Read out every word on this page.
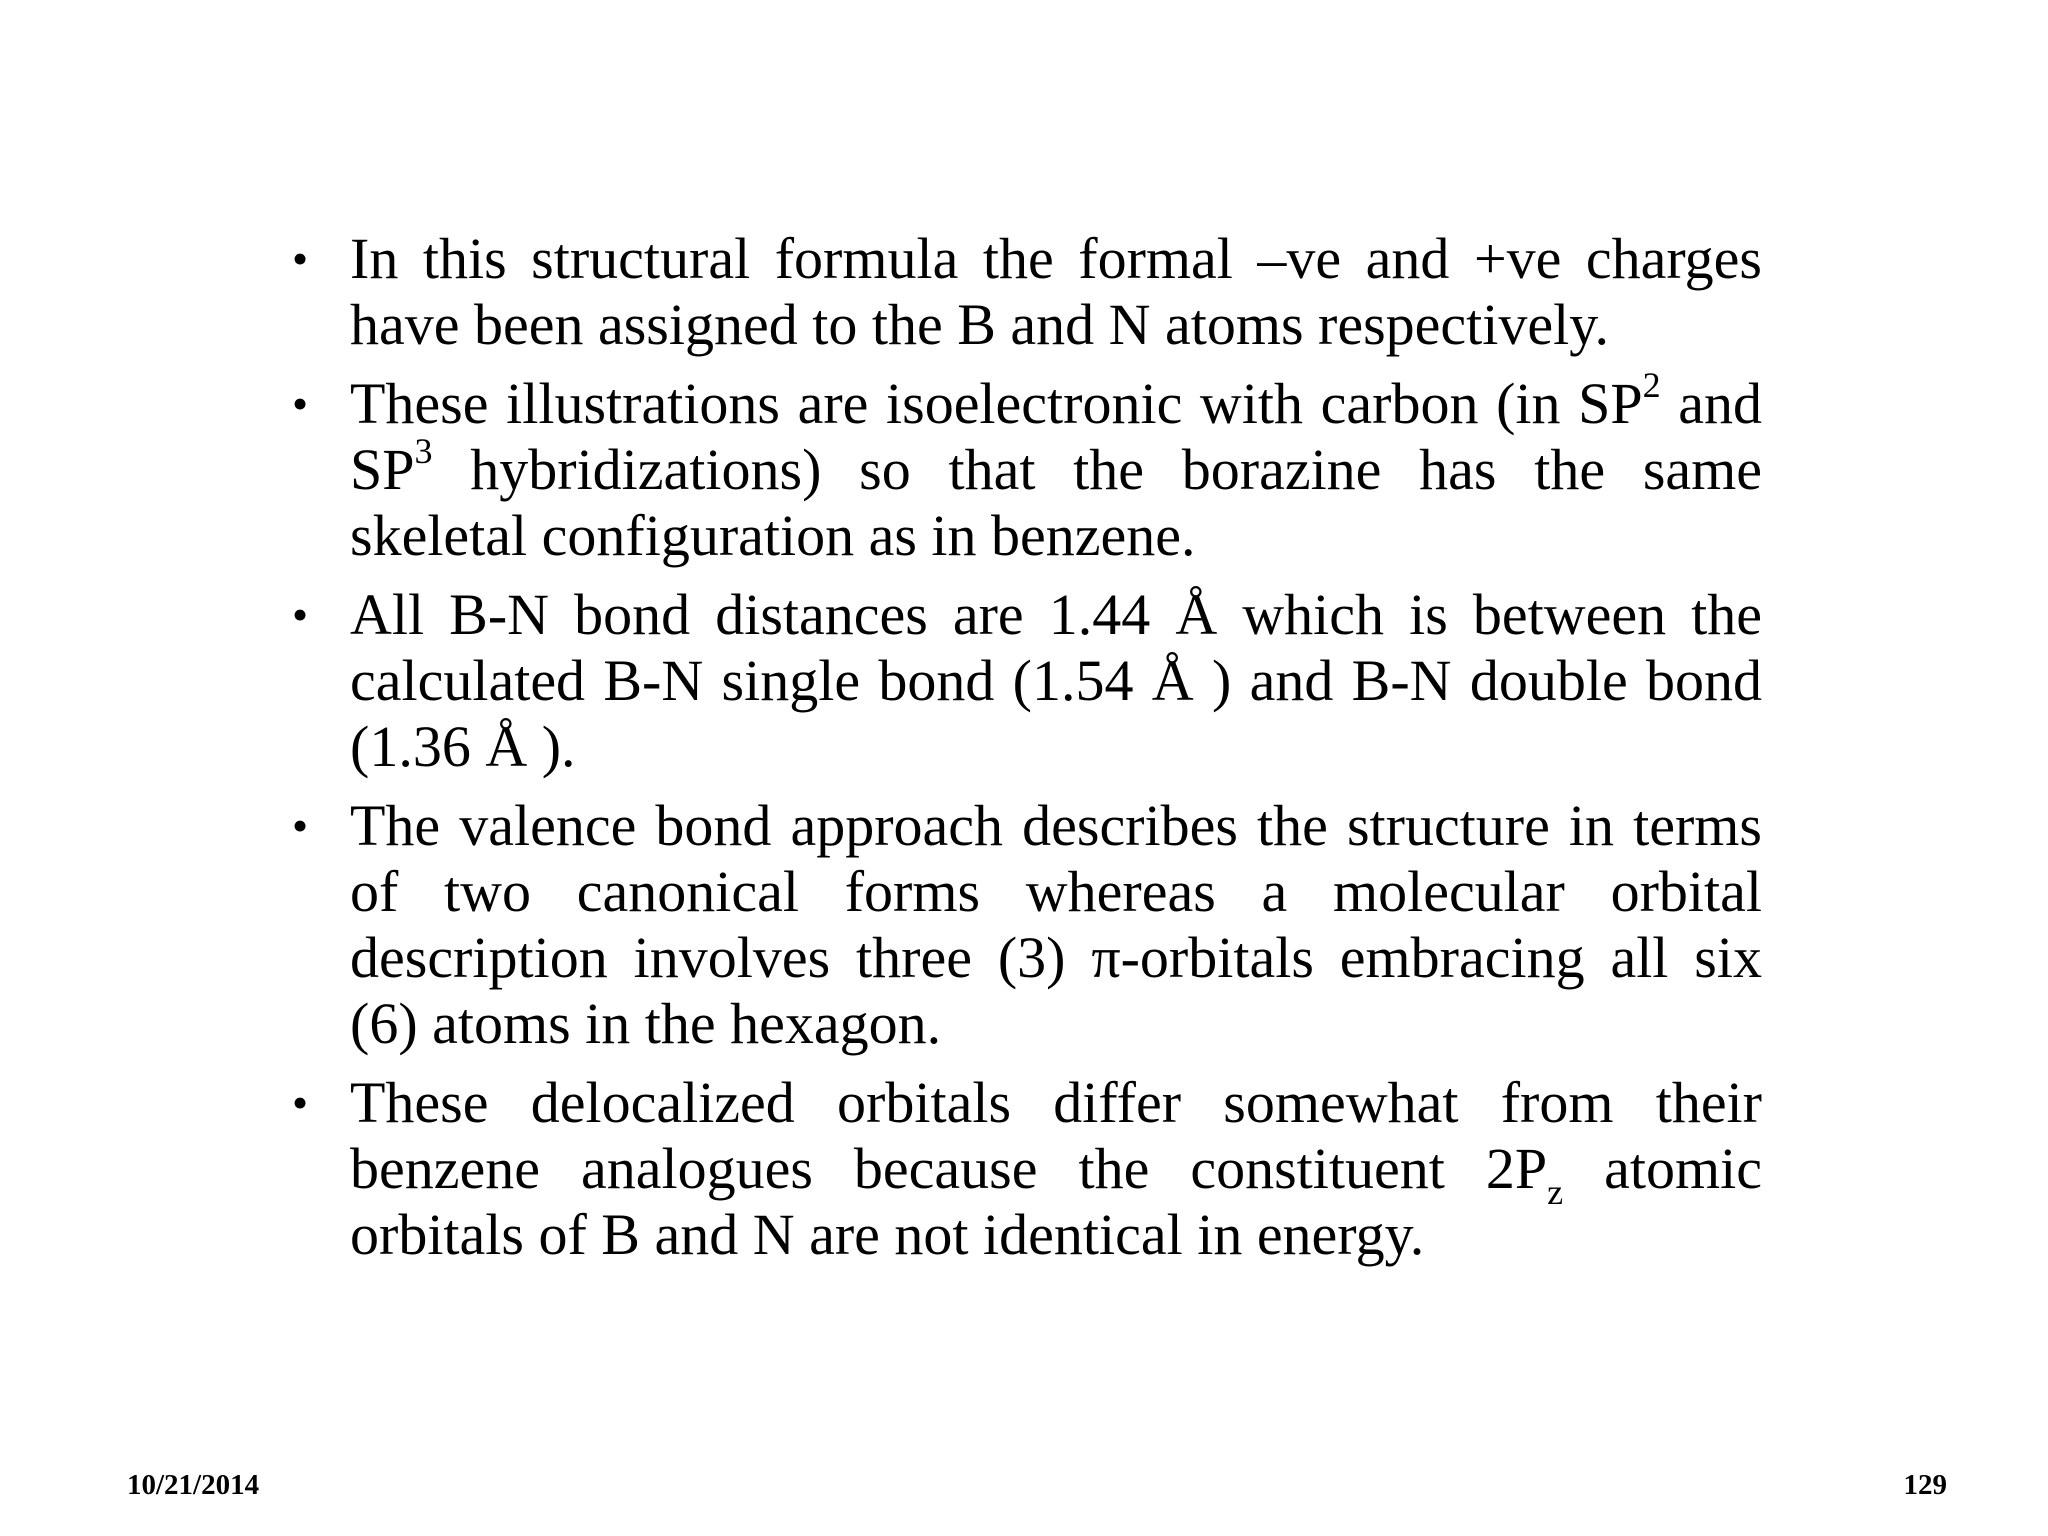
• In this structural formula the formal –ve and +ve charges have been assigned to the B and N atoms respectively.
• These illustrations are isoelectronic with carbon (in $SP^2$ and $SP^3$ hybridizations) so that the borazine has the same skeletal configuration as in benzene.
• All B-N bond distances are 1.44 Å which is between the calculated B-N single bond (1.54 Å ) and B-N double bond (1.36 Å ).
• The valence bond approach describes the structure in terms of two canonical forms whereas a molecular orbital description involves three (3) π-orbitals embracing all six (6) atoms in the hexagon.
• These delocalized orbitals differ somewhat from their benzene analogues because the constituent $2P_z$ atomic orbitals of B and N are not identical in energy.
10/21/2014	129
